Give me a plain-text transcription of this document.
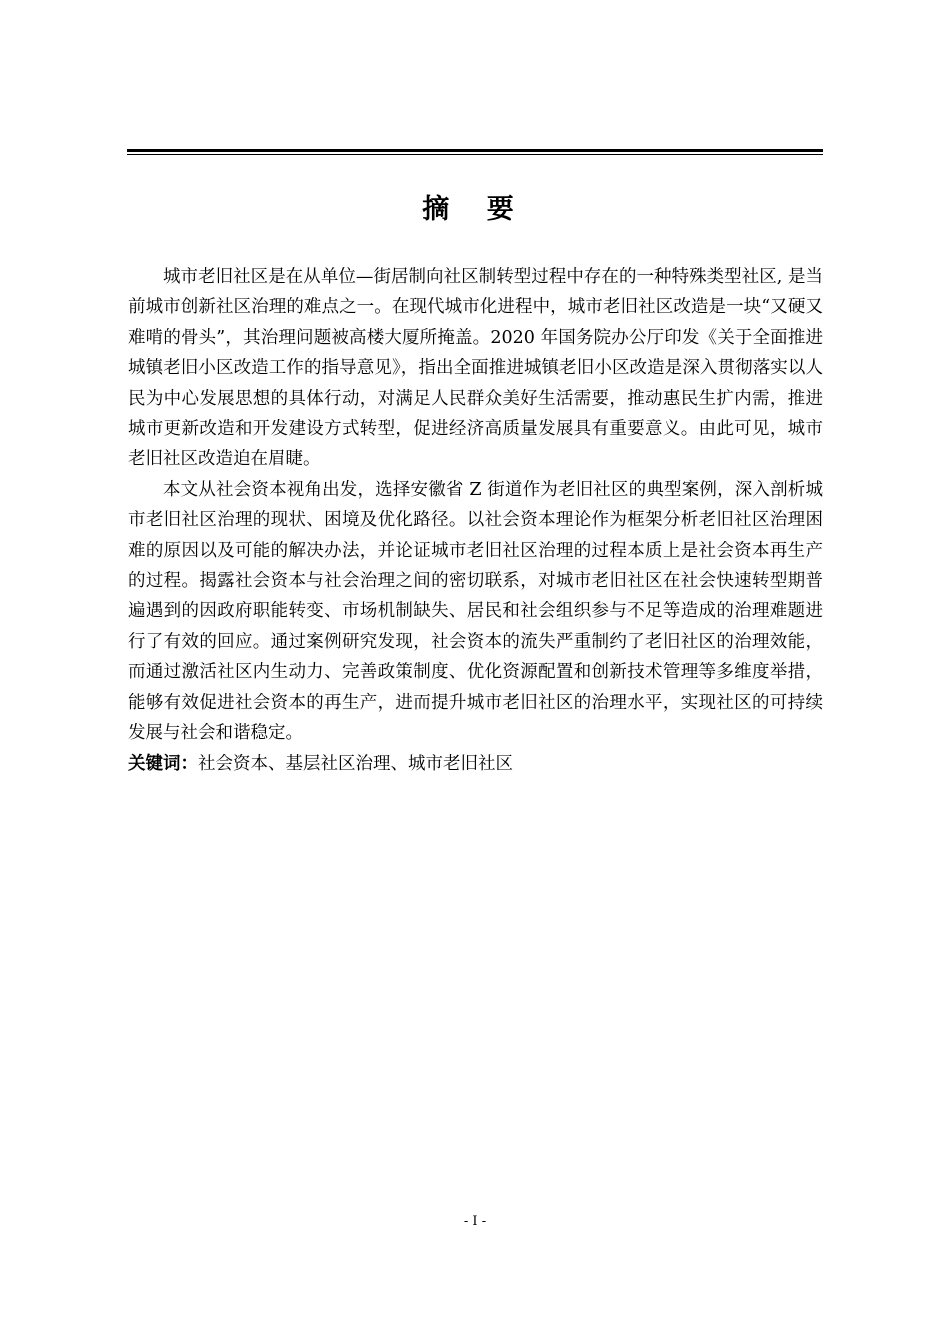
摘 要

城市老旧社区是在从单位—街居制向社区制转型过程中存在的一种特殊类型社区, 是当前城市创新社区治理的难点之一。在现代城市化进程中，城市老旧社区改造是一块“又硬又难啃的骨头”，其治理问题被高楼大厦所掩盖。2020 年国务院办公厅印发《关于全面推进城镇老旧小区改造工作的指导意见》，指出全面推进城镇老旧小区改造是深入贯彻落实以人民为中心发展思想的具体行动，对满足人民群众美好生活需要，推动惠民生扩内需，推进城市更新改造和开发建设方式转型，促进经济高质量发展具有重要意义。由此可见，城市老旧社区改造迫在眉睫。

本文从社会资本视角出发，选择安徽省 Z 街道作为老旧社区的典型案例，深入剖析城市老旧社区治理的现状、困境及优化路径。以社会资本理论作为框架分析老旧社区治理困难的原因以及可能的解决办法，并论证城市老旧社区治理的过程本质上是社会资本再生产的过程。揭露社会资本与社会治理之间的密切联系，对城市老旧社区在社会快速转型期普遍遇到的因政府职能转变、市场机制缺失、居民和社会组织参与不足等造成的治理难题进行了有效的回应。通过案例研究发现，社会资本的流失严重制约了老旧社区的治理效能，而通过激活社区内生动力、完善政策制度、优化资源配置和创新技术管理等多维度举措，能够有效促进社会资本的再生产，进而提升城市老旧社区的治理水平，实现社区的可持续发展与社会和谐稳定。

关键词：社会资本、基层社区治理、城市老旧社区

- I -
